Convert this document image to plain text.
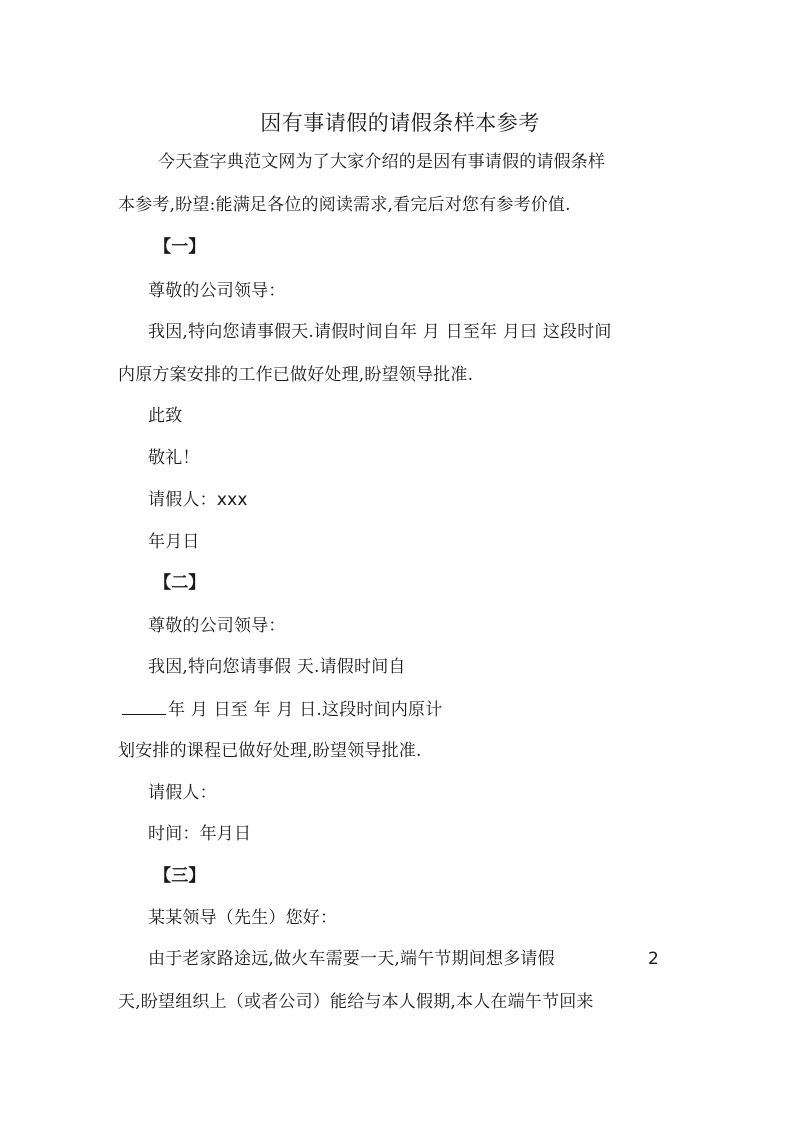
因有事请假的请假条样本参考
今天查字典范文网为了大家介绍的是因有事请假的请假条样
本参考,盼望:能满足各位的阅读需求,看完后对您有参考价值.
【一】
尊敬的公司领导：
我因,特向您请事假天.请假时间自年 月 日至年 月曰 这段时间
内原方案安排的工作已做好处理,盼望领导批准.
此致
敬礼！
请假人：xxx
年月日
【二】
尊敬的公司领导：
我因,特向您请事假 天.请假时间自
年 月 日至 年 月 日.这段时间内原计
划安排的课程已做好处理,盼望领导批准.
请假人：
时间：年月日
【三】
某某领导（先生）您好：
由于老家路途远,做火车需要一天,端午节期间想多请假
天,盼望组织上（或者公司）能给与本人假期,本人在端午节回来
2
